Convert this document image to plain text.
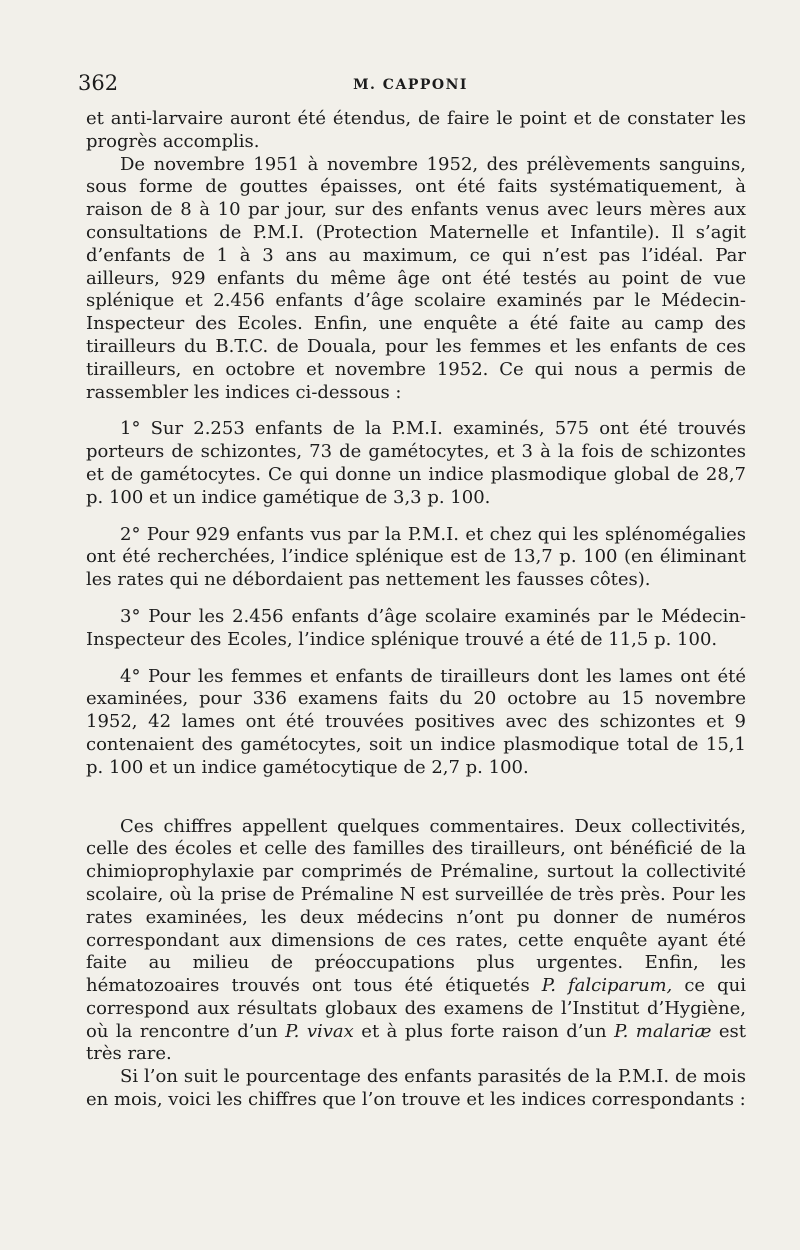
362	M. CAPPONI

et anti-larvaire auront été étendus, de faire le point et de constater les progrès accomplis.

De novembre 1951 à novembre 1952, des prélèvements sanguins, sous forme de gouttes épaisses, ont été faits systématiquement, à raison de 8 à 10 par jour, sur des enfants venus avec leurs mères aux consultations de P.M.I. (Protection Maternelle et Infantile). Il s’agit d’enfants de 1 à 3 ans au maximum, ce qui n’est pas l’idéal. Par ailleurs, 929 enfants du même âge ont été testés au point de vue splénique et 2.456 enfants d’âge scolaire examinés par le Médecin-Inspecteur des Ecoles. Enfin, une enquête a été faite au camp des tirailleurs du B.T.C. de Douala, pour les femmes et les enfants de ces tirailleurs, en octobre et novembre 1952. Ce qui nous a permis de rassembler les indices ci-dessous :

1° Sur 2.253 enfants de la P.M.I. examinés, 575 ont été trouvés porteurs de schizontes, 73 de gamétocytes, et 3 à la fois de schizontes et de gamétocytes. Ce qui donne un indice plasmodique global de 28,7 p. 100 et un indice gamétique de 3,3 p. 100.

2° Pour 929 enfants vus par la P.M.I. et chez qui les splénomégalies ont été recherchées, l’indice splénique est de 13,7 p. 100 (en éliminant les rates qui ne débordaient pas nettement les fausses côtes).

3° Pour les 2.456 enfants d’âge scolaire examinés par le Médecin-Inspecteur des Ecoles, l’indice splénique trouvé a été de 11,5 p. 100.

4° Pour les femmes et enfants de tirailleurs dont les lames ont été examinées, pour 336 examens faits du 20 octobre au 15 novembre 1952, 42 lames ont été trouvées positives avec des schizontes et 9 contenaient des gamétocytes, soit un indice plasmodique total de 15,1 p. 100 et un indice gamétocytique de 2,7 p. 100.

Ces chiffres appellent quelques commentaires. Deux collectivités, celle des écoles et celle des familles des tirailleurs, ont bénéficié de la chimioprophylaxie par comprimés de Prémaline, surtout la collectivité scolaire, où la prise de Prémaline N est surveillée de très près. Pour les rates examinées, les deux médecins n’ont pu donner de numéros correspondant aux dimensions de ces rates, cette enquête ayant été faite au milieu de préoccupations plus urgentes. Enfin, les hématozoaires trouvés ont tous été étiquetés P. falciparum, ce qui correspond aux résultats globaux des examens de l’Institut d’Hygiène, où la rencontre d’un P. vivax et à plus forte raison d’un P. malariæ est très rare.

Si l’on suit le pourcentage des enfants parasités de la P.M.I. de mois en mois, voici les chiffres que l’on trouve et les indices correspondants :
